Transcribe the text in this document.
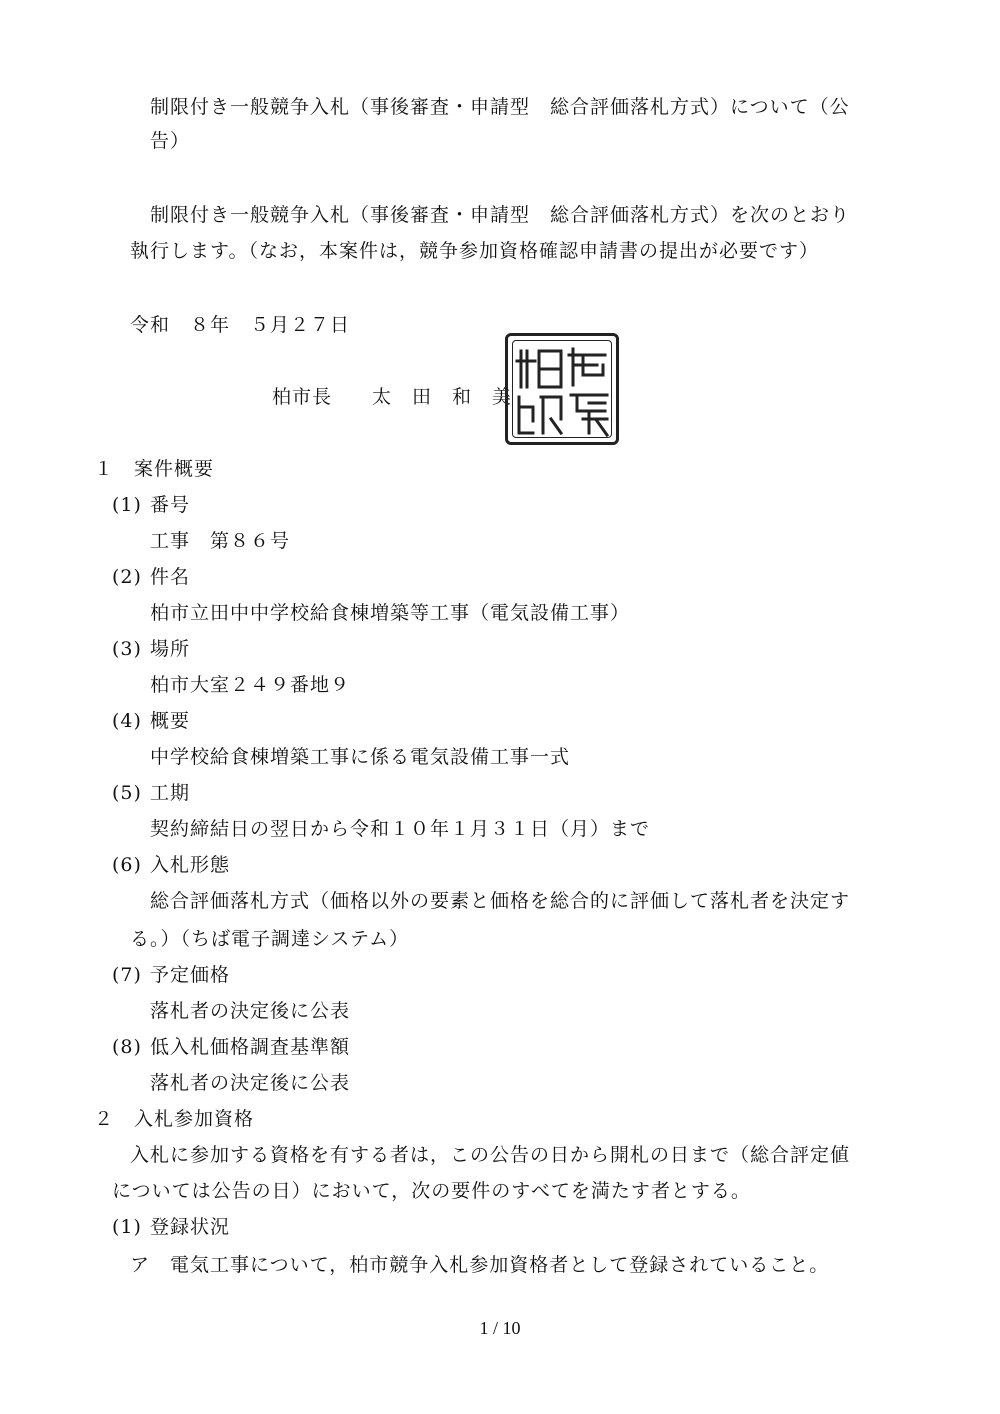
制限付き一般競争入札（事後審査・申請型　総合評価落札方式）について（公
告）
制限付き一般競争入札（事後審査・申請型　総合評価落札方式）を次のとおり
執行します。（なお，本案件は，競争参加資格確認申請書の提出が必要です）
令和　８年　５月２７日
柏市長 太　田　和　美
１　案件概要
(1) 番号
工事　第８６号
(2) 件名
柏市立田中中学校給食棟増築等工事（電気設備工事）
(3) 場所
柏市大室２４９番地９
(4) 概要
中学校給食棟増築工事に係る電気設備工事一式
(5) 工期
契約締結日の翌日から令和１０年１月３１日（月）まで
(6) 入札形態
総合評価落札方式（価格以外の要素と価格を総合的に評価して落札者を決定す
る。）（ちば電子調達システム）
(7) 予定価格
落札者の決定後に公表
(8) 低入札価格調査基準額
落札者の決定後に公表
２　入札参加資格
入札に参加する資格を有する者は，この公告の日から開札の日まで（総合評定値
については公告の日）において，次の要件のすべてを満たす者とする。
(1) 登録状況
ア　電気工事について，柏市競争入札参加資格者として登録されていること。
1 / 10
